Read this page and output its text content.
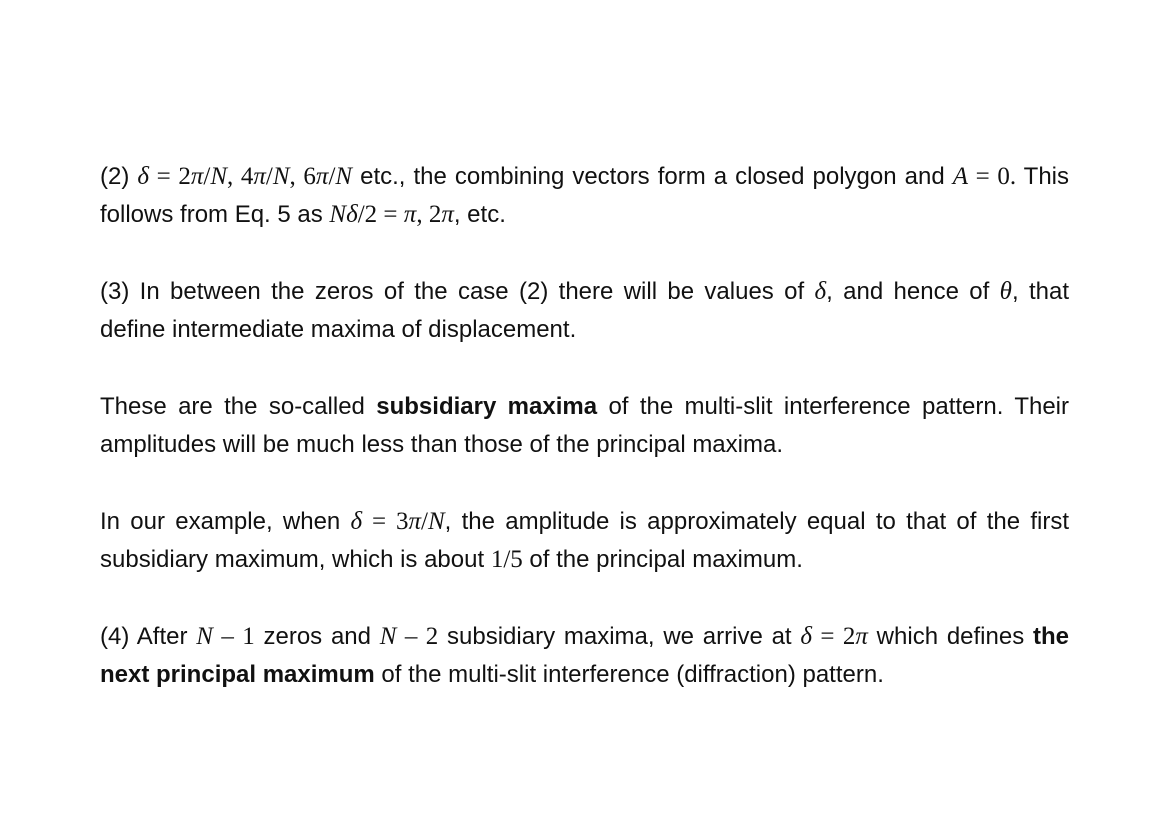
(2) δ = 2π/N, 4π/N, 6π/N etc., the combining vectors form a closed polygon and A = 0. This follows from Eq. 5 as Nδ/2 = π, 2π, etc.

(3) In between the zeros of the case (2) there will be values of δ, and hence of θ, that define intermediate maxima of displacement.

These are the so-called subsidiary maxima of the multi-slit interference pattern. Their amplitudes will be much less than those of the principal maxima.

In our example, when δ = 3π/N, the amplitude is approximately equal to that of the first subsidiary maximum, which is about 1/5 of the principal maximum.

(4) After N – 1 zeros and N – 2 subsidiary maxima, we arrive at δ = 2π which defines the next principal maximum of the multi-slit interference (diffraction) pattern.
